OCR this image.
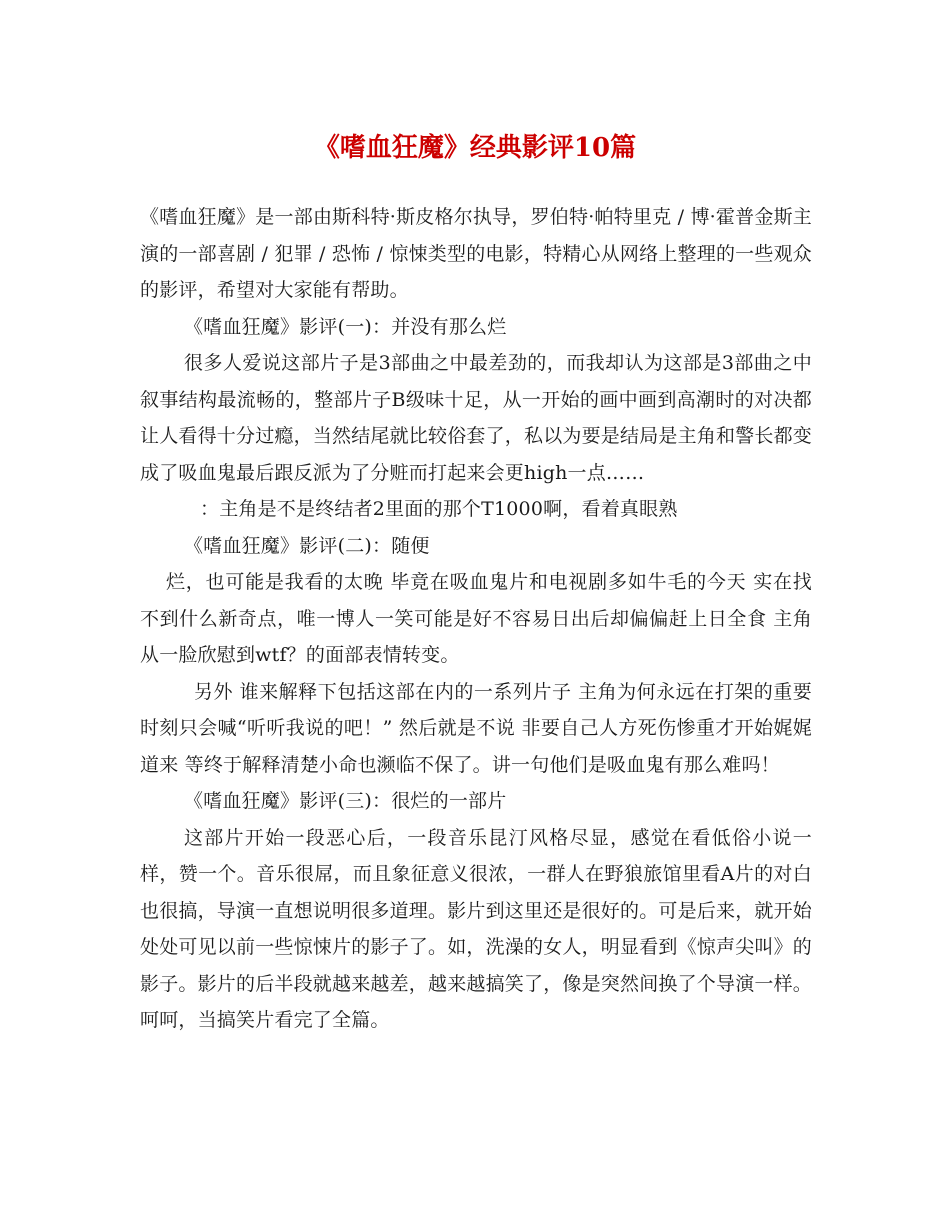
《嗜血狂魔》经典影评10篇

《嗜血狂魔》是一部由斯科特·斯皮格尔执导，罗伯特·帕特里克 / 博·霍普金斯主演的一部喜剧 / 犯罪 / 恐怖 / 惊悚类型的电影，特精心从网络上整理的一些观众的影评，希望对大家能有帮助。

《嗜血狂魔》影评(一)：并没有那么烂

很多人爱说这部片子是3部曲之中最差劲的，而我却认为这部是3部曲之中叙事结构最流畅的，整部片子B级味十足，从一开始的画中画到高潮时的对决都让人看得十分过瘾，当然结尾就比较俗套了，私以为要是结局是主角和警长都变成了吸血鬼最后跟反派为了分赃而打起来会更high一点……

：主角是不是终结者2里面的那个T1000啊，看着真眼熟

《嗜血狂魔》影评(二)：随便

烂，也可能是我看的太晚 毕竟在吸血鬼片和电视剧多如牛毛的今天 实在找不到什么新奇点，唯一博人一笑可能是好不容易日出后却偏偏赶上日全食 主角从一脸欣慰到wtf？的面部表情转变。

另外 谁来解释下包括这部在内的一系列片子 主角为何永远在打架的重要时刻只会喊“听听我说的吧！” 然后就是不说 非要自己人方死伤惨重才开始娓娓道来 等终于解释清楚小命也濒临不保了。讲一句他们是吸血鬼有那么难吗！

《嗜血狂魔》影评(三)：很烂的一部片

这部片开始一段恶心后，一段音乐昆汀风格尽显，感觉在看低俗小说一样，赞一个。音乐很屌，而且象征意义很浓，一群人在野狼旅馆里看A片的对白也很搞，导演一直想说明很多道理。影片到这里还是很好的。可是后来，就开始处处可见以前一些惊悚片的影子了。如，洗澡的女人，明显看到《惊声尖叫》的影子。影片的后半段就越来越差，越来越搞笑了，像是突然间换了个导演一样。呵呵，当搞笑片看完了全篇。
